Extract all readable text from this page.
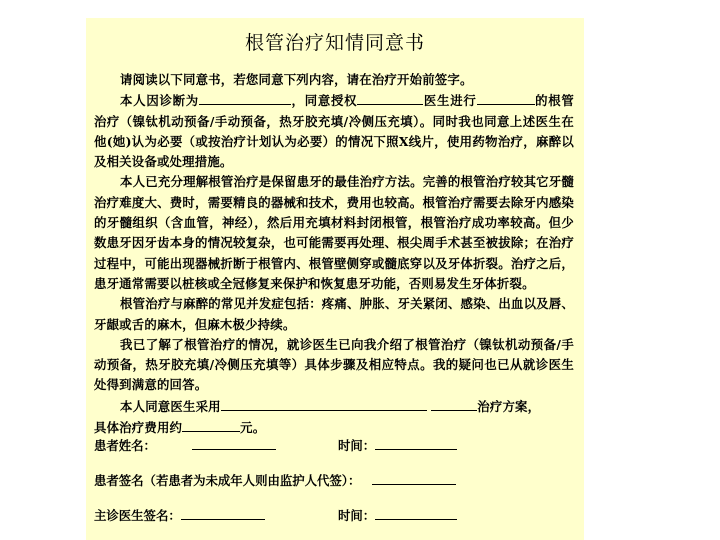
根管治疗知情同意书

请阅读以下同意书，若您同意下列内容，请在治疗开始前签字。

本人因诊断为	，同意授权	医生进行	的根管治疗（镍钛机动预备/手动预备，热牙胶充填/冷侧压充填）。同时我也同意上述医生在他(她)认为必要（或按治疗计划认为必要）的情况下照X线片，使用药物治疗，麻醉以及相关设备或处理措施。

本人已充分理解根管治疗是保留患牙的最佳治疗方法。完善的根管治疗较其它牙髓治疗难度大、费时，需要精良的器械和技术，费用也较高。根管治疗需要去除牙内感染的牙髓组织（含血管，神经），然后用充填材料封闭根管，根管治疗成功率较高。但少数患牙因牙齿本身的情况较复杂，也可能需要再处理、根尖周手术甚至被拔除；在治疗过程中，可能出现器械折断于根管内、根管壁侧穿或髓底穿以及牙体折裂。治疗之后，患牙通常需要以桩核或全冠修复来保护和恢复患牙功能，否则易发生牙体折裂。

根管治疗与麻醉的常见并发症包括：疼痛、肿胀、牙关紧闭、感染、出血以及唇、牙龈或舌的麻木，但麻木极少持续。

我已了解了根管治疗的情况，就诊医生已向我介绍了根管治疗（镍钛机动预备/手动预备，热牙胶充填/冷侧压充填等）具体步骤及相应特点。我的疑问也已从就诊医生处得到满意的回答。

本人同意医生采用	治疗方案，

具体治疗费用约	元。

患者姓名：	时间：
患者签名（若患者为未成年人则由监护人代签）：
主诊医生签名：	时间：
